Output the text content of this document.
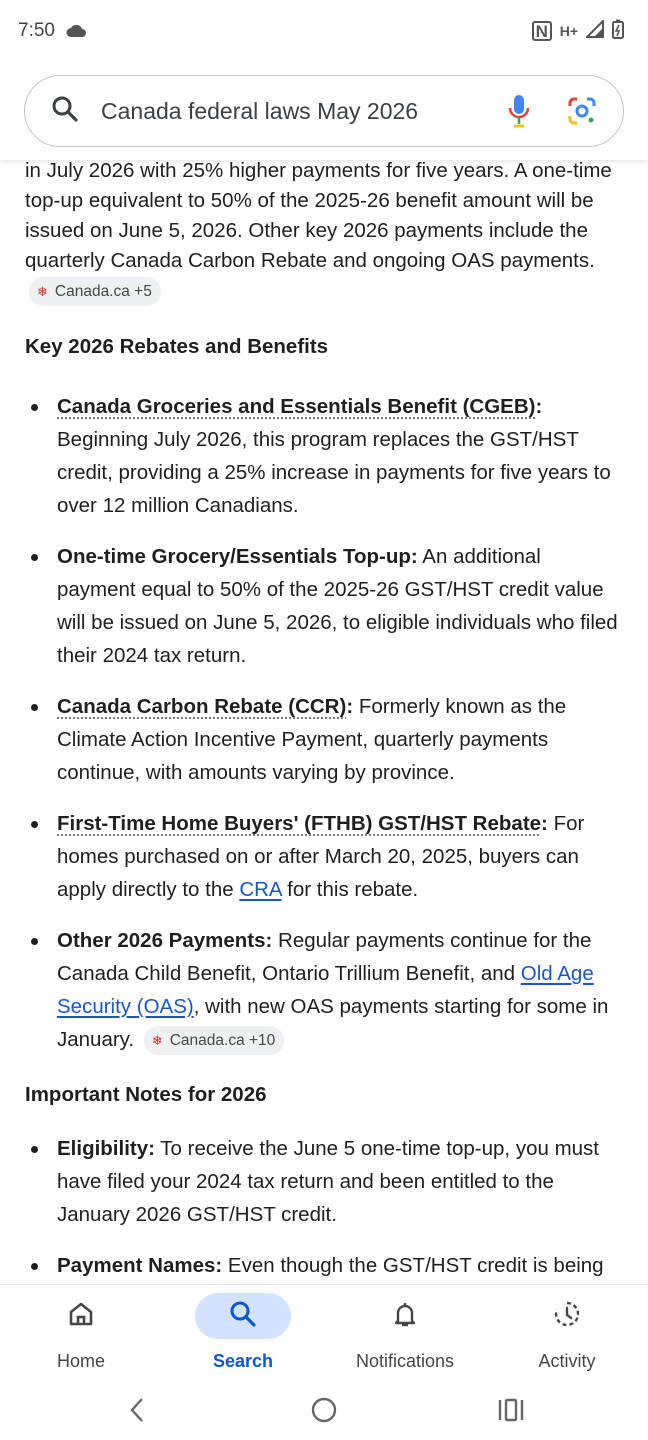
7:50	N H+
Canada federal laws May 2026

in July 2026 with 25% higher payments for five years. A one-time top-up equivalent to 50% of the 2025-26 benefit amount will be issued on June 5, 2026. Other key 2026 payments include the quarterly Canada Carbon Rebate and ongoing OAS payments.
❄ Canada.ca +5

Key 2026 Rebates and Benefits
Canada Groceries and Essentials Benefit (CGEB): Beginning July 2026, this program replaces the GST/HST credit, providing a 25% increase in payments for five years to over 12 million Canadians.
One-time Grocery/Essentials Top-up: An additional payment equal to 50% of the 2025-26 GST/HST credit value will be issued on June 5, 2026, to eligible individuals who filed their 2024 tax return.
Canada Carbon Rebate (CCR): Formerly known as the Climate Action Incentive Payment, quarterly payments continue, with amounts varying by province.
First-Time Home Buyers' (FTHB) GST/HST Rebate: For homes purchased on or after March 20, 2025, buyers can apply directly to the CRA for this rebate.
Other 2026 Payments: Regular payments continue for the Canada Child Benefit, Ontario Trillium Benefit, and Old Age Security (OAS), with new OAS payments starting for some in January. ❄ Canada.ca +10
Important Notes for 2026
Eligibility: To receive the June 5 one-time top-up, you must have filed your 2024 tax return and been entitled to the January 2026 GST/HST credit.
Payment Names: Even though the GST/HST credit is being
Home	Search	Notifications	Activity
